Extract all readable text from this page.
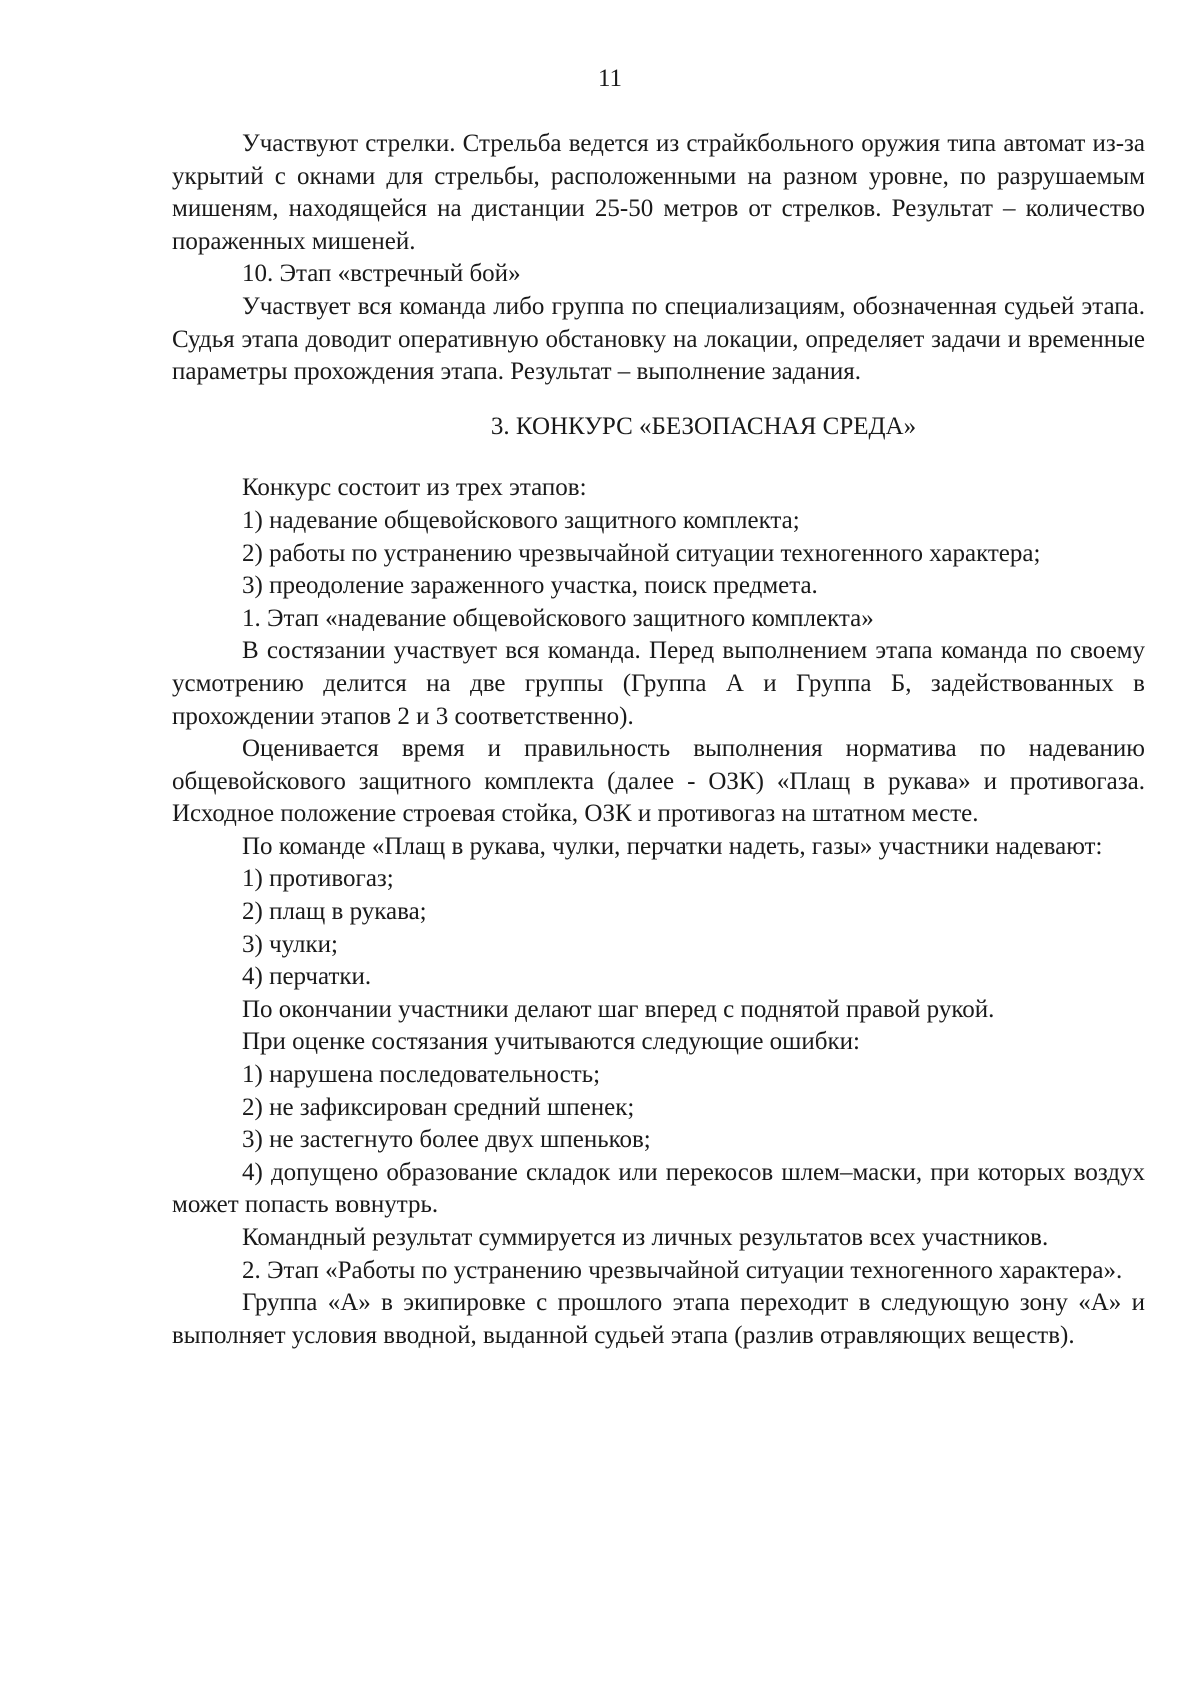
11

Участвуют стрелки. Стрельба ведется из страйкбольного оружия типа автомат из-за укрытий с окнами для стрельбы, расположенными на разном уровне, по разрушаемым мишеням, находящейся на дистанции 25-50 метров от стрелков. Результат – количество пораженных мишеней.

10. Этап «встречный бой»

Участвует вся команда либо группа по специализациям, обозначенная судьей этапа. Судья этапа доводит оперативную обстановку на локации, определяет задачи и временные параметры прохождения этапа. Результат – выполнение задания.

3. КОНКУРС «БЕЗОПАСНАЯ СРЕДА»

Конкурс состоит из трех этапов:

1) надевание общевойскового защитного комплекта;

2) работы по устранению чрезвычайной ситуации техногенного характера;

3) преодоление зараженного участка, поиск предмета.

1. Этап «надевание общевойскового защитного комплекта»

В состязании участвует вся команда. Перед выполнением этапа команда по своему усмотрению делится на две группы (Группа А и Группа Б, задействованных в прохождении этапов 2 и 3 соответственно).

Оценивается время и правильность выполнения норматива по надеванию общевойскового защитного комплекта (далее - ОЗК) «Плащ в рукава» и противогаза. Исходное положение строевая стойка, ОЗК и противогаз на штатном месте.

По команде «Плащ в рукава, чулки, перчатки надеть, газы» участники надевают:

1) противогаз;

2) плащ в рукава;

3) чулки;

4) перчатки.

По окончании участники делают шаг вперед с поднятой правой рукой.

При оценке состязания учитываются следующие ошибки:

1) нарушена последовательность;

2) не зафиксирован средний шпенек;

3) не застегнуто более двух шпеньков;

4) допущено образование складок или перекосов шлем–маски, при которых воздух может попасть вовнутрь.

Командный результат суммируется из личных результатов всех участников.

2. Этап «Работы по устранению чрезвычайной ситуации техногенного характера».

Группа «А» в экипировке с прошлого этапа переходит в следующую зону «А» и выполняет условия вводной, выданной судьей этапа (разлив отравляющих веществ).
